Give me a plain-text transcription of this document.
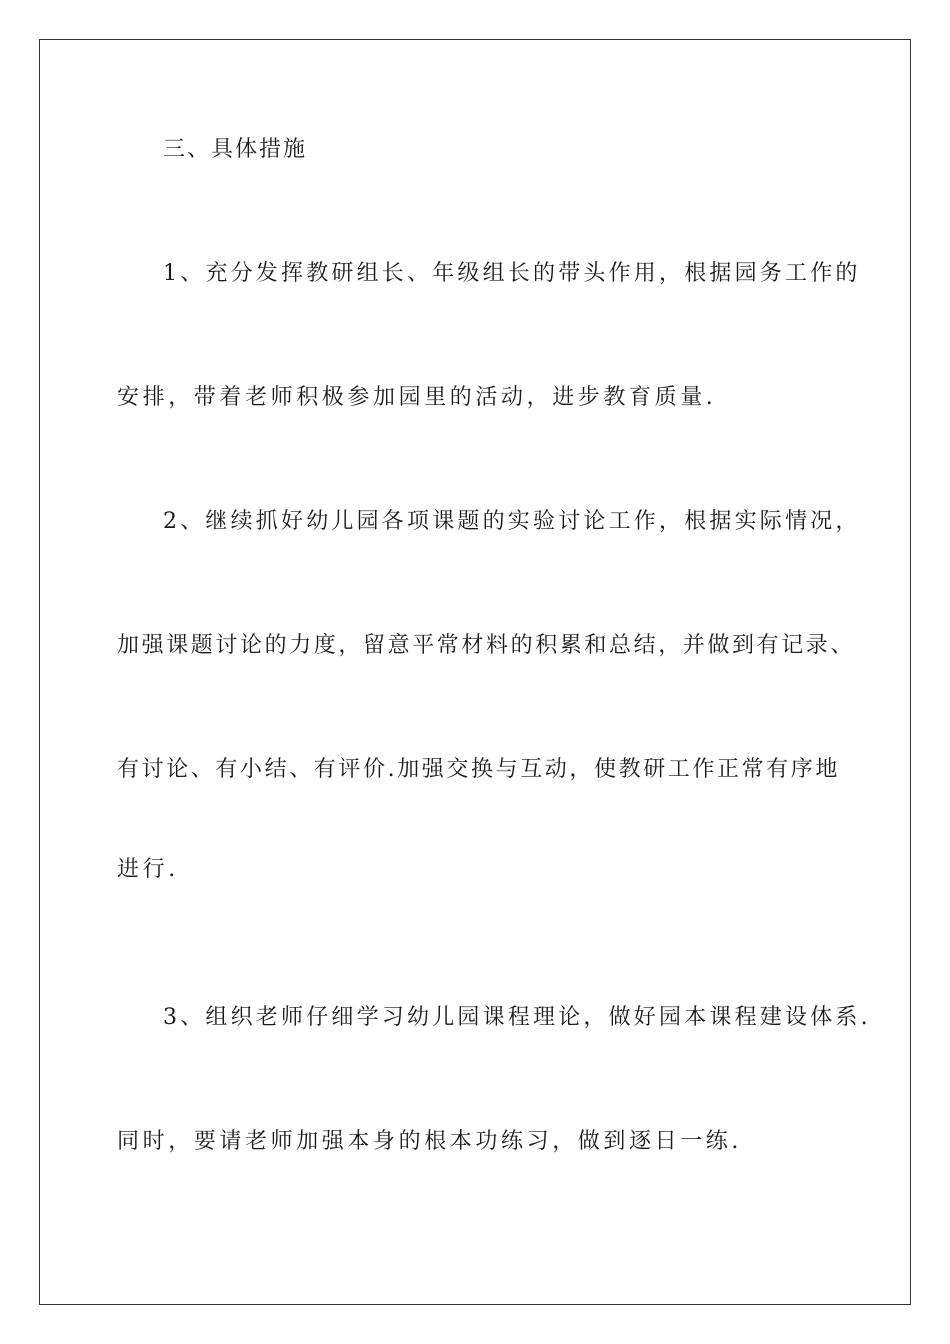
三、具体措施
1、充分发挥教研组长、年级组长的带头作用，根据园务工作的
安排，带着老师积极参加园里的活动，进步教育质量.
2、继续抓好幼儿园各项课题的实验讨论工作，根据实际情况，
加强课题讨论的力度，留意平常材料的积累和总结，并做到有记录、
有讨论、有小结、有评价.加强交换与互动，使教研工作正常有序地
进行.
3、组织老师仔细学习幼儿园课程理论，做好园本课程建设体系.
同时，要请老师加强本身的根本功练习，做到逐日一练.
